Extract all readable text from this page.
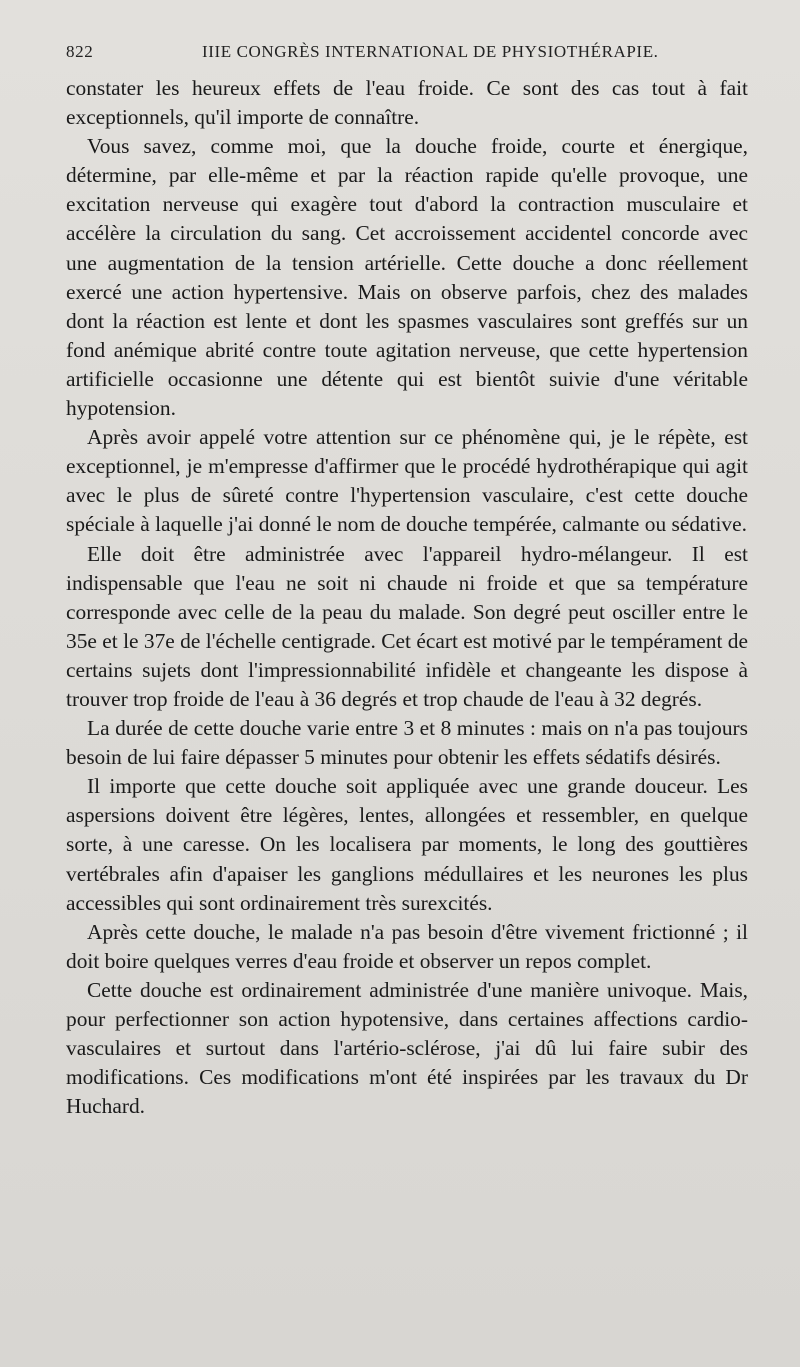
822	IIIE CONGRÈS INTERNATIONAL DE PHYSIOTHÉRAPIE.

constater les heureux effets de l'eau froide. Ce sont des cas tout à fait exceptionnels, qu'il importe de connaître.

Vous savez, comme moi, que la douche froide, courte et énergique, détermine, par elle-même et par la réaction rapide qu'elle provoque, une excitation nerveuse qui exagère tout d'abord la contraction musculaire et accélère la circulation du sang. Cet accroissement accidentel concorde avec une augmentation de la tension artérielle. Cette douche a donc réellement exercé une action hypertensive. Mais on observe parfois, chez des malades dont la réaction est lente et dont les spasmes vasculaires sont greffés sur un fond anémique abrité contre toute agitation nerveuse, que cette hypertension artificielle occasionne une détente qui est bientôt suivie d'une véritable hypotension.

Après avoir appelé votre attention sur ce phénomène qui, je le répète, est exceptionnel, je m'empresse d'affirmer que le procédé hydrothérapique qui agit avec le plus de sûreté contre l'hypertension vasculaire, c'est cette douche spéciale à laquelle j'ai donné le nom de douche tempérée, calmante ou sédative.

Elle doit être administrée avec l'appareil hydro-mélangeur. Il est indispensable que l'eau ne soit ni chaude ni froide et que sa température corresponde avec celle de la peau du malade. Son degré peut osciller entre le 35e et le 37e de l'échelle centigrade. Cet écart est motivé par le tempérament de certains sujets dont l'impressionnabilité infidèle et changeante les dispose à trouver trop froide de l'eau à 36 degrés et trop chaude de l'eau à 32 degrés.

La durée de cette douche varie entre 3 et 8 minutes : mais on n'a pas toujours besoin de lui faire dépasser 5 minutes pour obtenir les effets sédatifs désirés.

Il importe que cette douche soit appliquée avec une grande douceur. Les aspersions doivent être légères, lentes, allongées et ressembler, en quelque sorte, à une caresse. On les localisera par moments, le long des gouttières vertébrales afin d'apaiser les ganglions médullaires et les neurones les plus accessibles qui sont ordinairement très surexcités.

Après cette douche, le malade n'a pas besoin d'être vivement frictionné ; il doit boire quelques verres d'eau froide et observer un repos complet.

Cette douche est ordinairement administrée d'une manière univoque. Mais, pour perfectionner son action hypotensive, dans certaines affections cardio-vasculaires et surtout dans l'artério-sclérose, j'ai dû lui faire subir des modifications. Ces modifications m'ont été inspirées par les travaux du Dr Huchard.
